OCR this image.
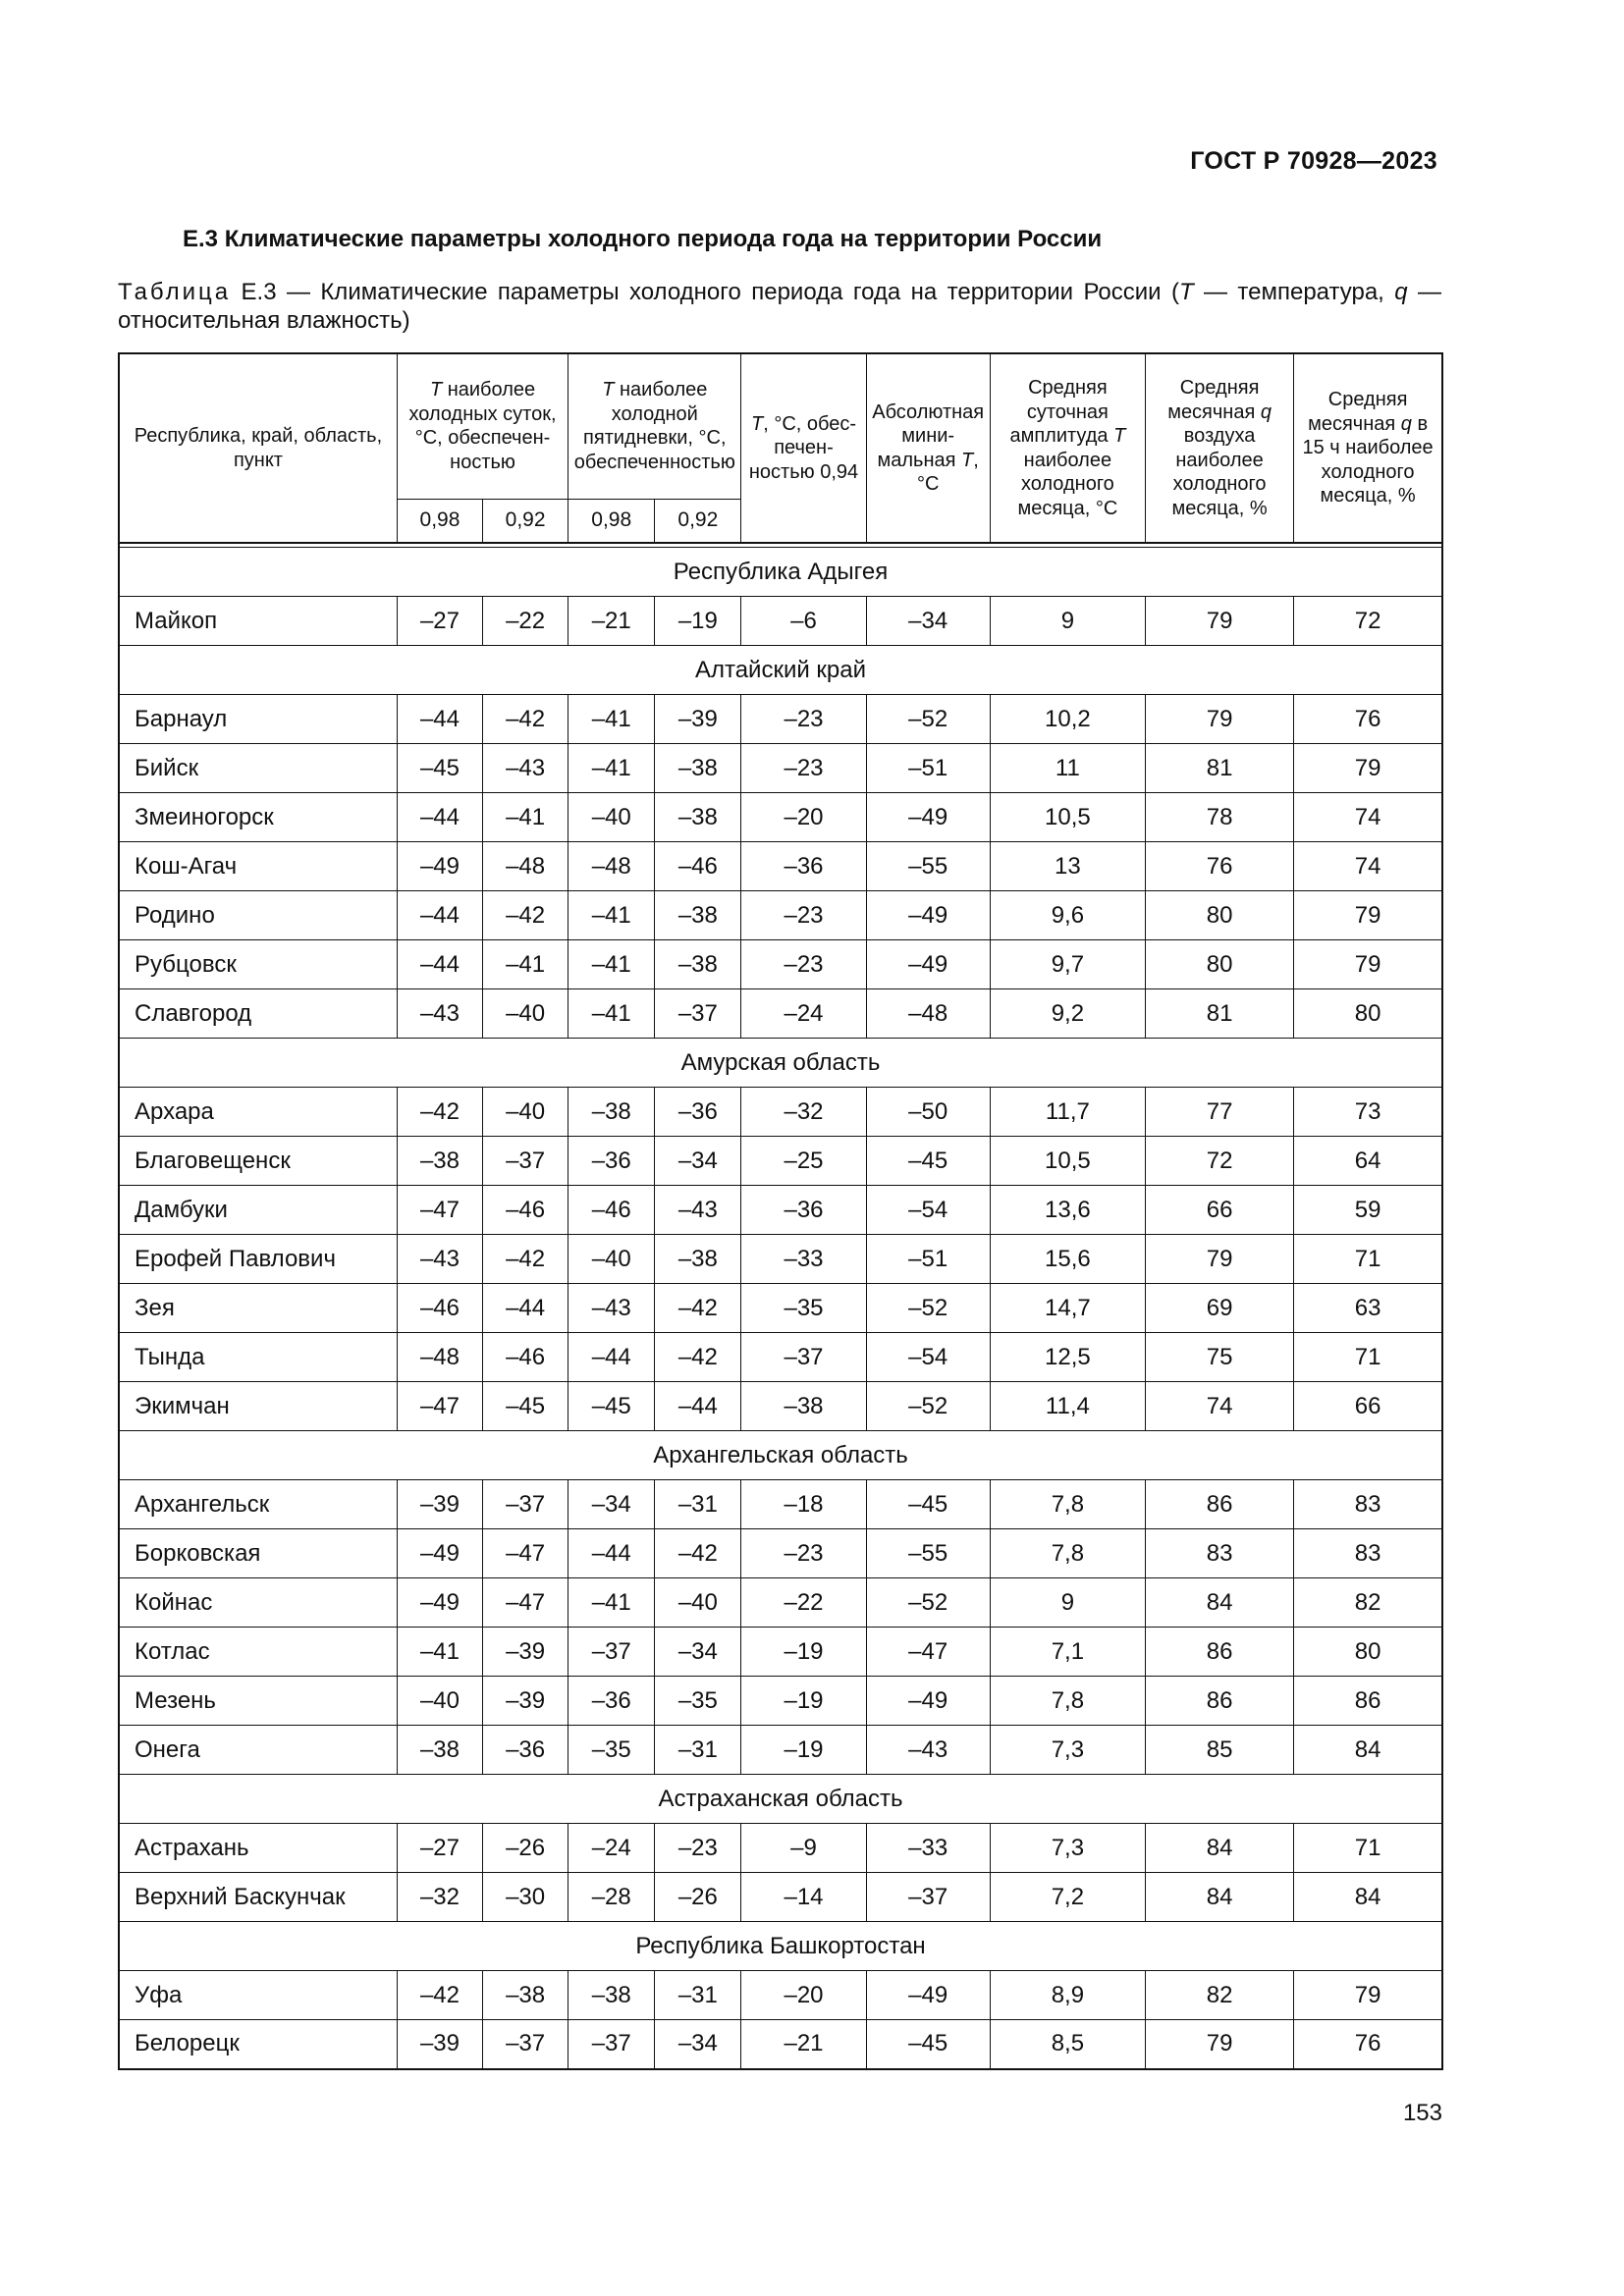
ГОСТ Р 70928—2023
Е.3 Климатические параметры холодного периода года на территории России
Таблица Е.3 — Климатические параметры холодного периода года на территории России (T — температура, q — относительная влажность)
Республика, край, область, пункт	T наиболее холодных суток, °C, обеспеченностью		T наиболее холодной пятидневки, °C, обеспеченностью		T, °C, обеспеченностью 0,94	Абсолютная минимальная T, °C	Средняя суточная амплитуда T наиболее холодного месяца, °C	Средняя месячная q воздуха наиболее холодного месяца, %	Средняя месячная q в 15 ч наиболее холодного месяца, %
	0,98	0,92	0,98	0,92					

Республика Адыгея									
Майкоп	–27	–22	–21	–19	–6	–34	9	79	72
Алтайский край									
Барнаул	–44	–42	–41	–39	–23	–52	10,2	79	76
Бийск	–45	–43	–41	–38	–23	–51	11	81	79
Змеиногорск	–44	–41	–40	–38	–20	–49	10,5	78	74
Кош-Агач	–49	–48	–48	–46	–36	–55	13	76	74
Родино	–44	–42	–41	–38	–23	–49	9,6	80	79
Рубцовск	–44	–41	–41	–38	–23	–49	9,7	80	79
Славгород	–43	–40	–41	–37	–24	–48	9,2	81	80
Амурская область									
Архара	–42	–40	–38	–36	–32	–50	11,7	77	73
Благовещенск	–38	–37	–36	–34	–25	–45	10,5	72	64
Дамбуки	–47	–46	–46	–43	–36	–54	13,6	66	59
Ерофей Павлович	–43	–42	–40	–38	–33	–51	15,6	79	71
Зея	–46	–44	–43	–42	–35	–52	14,7	69	63
Тында	–48	–46	–44	–42	–37	–54	12,5	75	71
Экимчан	–47	–45	–45	–44	–38	–52	11,4	74	66
Архангельская область									
Архангельск	–39	–37	–34	–31	–18	–45	7,8	86	83
Борковская	–49	–47	–44	–42	–23	–55	7,8	83	83
Койнас	–49	–47	–41	–40	–22	–52	9	84	82
Котлас	–41	–39	–37	–34	–19	–47	7,1	86	80
Мезень	–40	–39	–36	–35	–19	–49	7,8	86	86
Онега	–38	–36	–35	–31	–19	–43	7,3	85	84
Астраханская область									
Астрахань	–27	–26	–24	–23	–9	–33	7,3	84	71
Верхний Баскунчак	–32	–30	–28	–26	–14	–37	7,2	84	84
Республика Башкортостан									
Уфа	–42	–38	–38	–31	–20	–49	8,9	82	79
Белорецк	–39	–37	–37	–34	–21	–45	8,5	79	76
153
